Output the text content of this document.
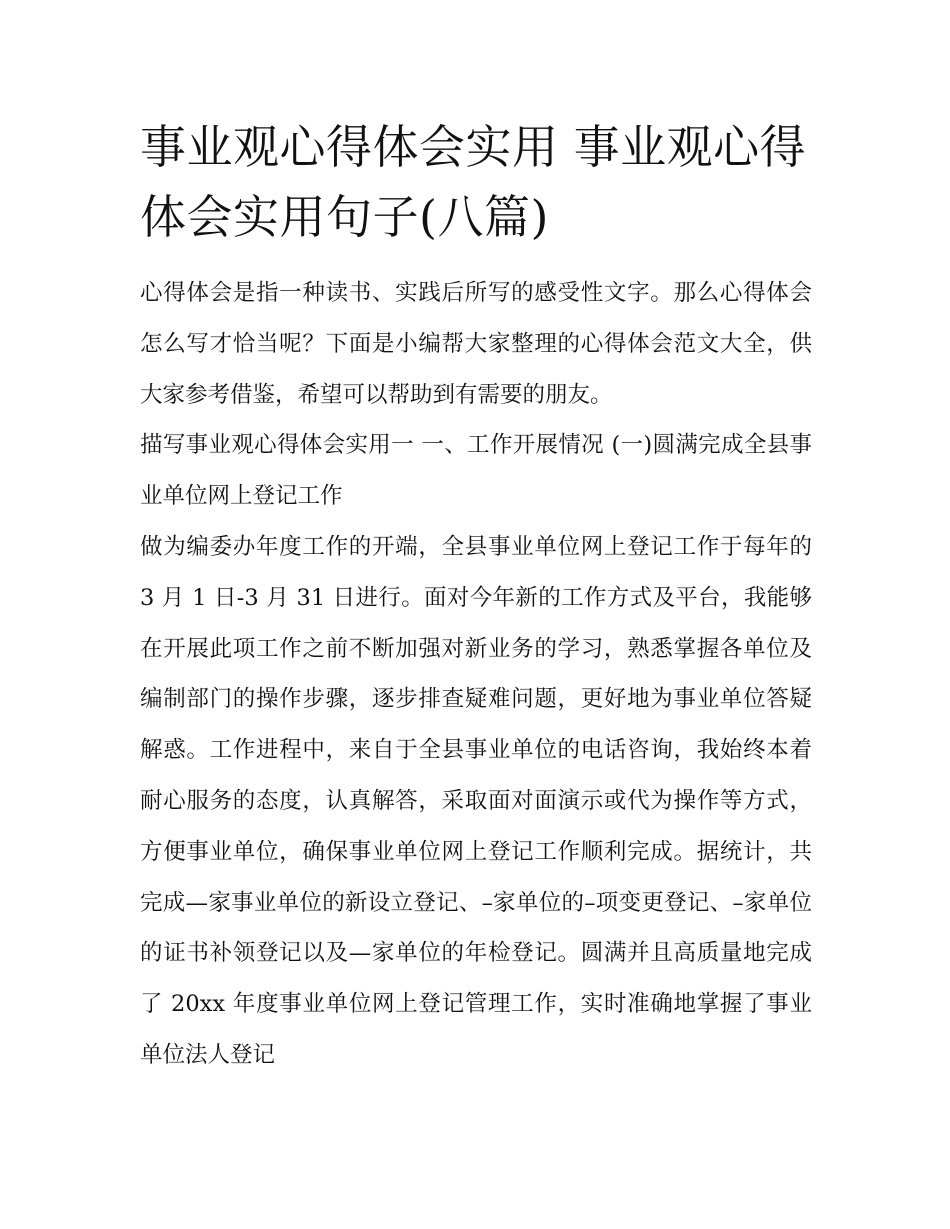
事业观心得体会实用 事业观心得体会实用句子(八篇)

心得体会是指一种读书、实践后所写的感受性文字。那么心得体会怎么写才恰当呢？下面是小编帮大家整理的心得体会范文大全，供大家参考借鉴，希望可以帮助到有需要的朋友。

描写事业观心得体会实用一 一、工作开展情况 (一)圆满完成全县事业单位网上登记工作

做为编委办年度工作的开端，全县事业单位网上登记工作于每年的 3 月 1 日-3 月 31 日进行。面对今年新的工作方式及平台，我能够在开展此项工作之前不断加强对新业务的学习，熟悉掌握各单位及编制部门的操作步骤，逐步排查疑难问题，更好地为事业单位答疑解惑。工作进程中，来自于全县事业单位的电话咨询，我始终本着耐心服务的态度，认真解答，采取面对面演示或代为操作等方式，方便事业单位，确保事业单位网上登记工作顺利完成。据统计，共完成—家事业单位的新设立登记、–家单位的–项变更登记、–家单位的证书补领登记以及—家单位的年检登记。圆满并且高质量地完成了 20xx 年度事业单位网上登记管理工作，实时准确地掌握了事业单位法人登记
